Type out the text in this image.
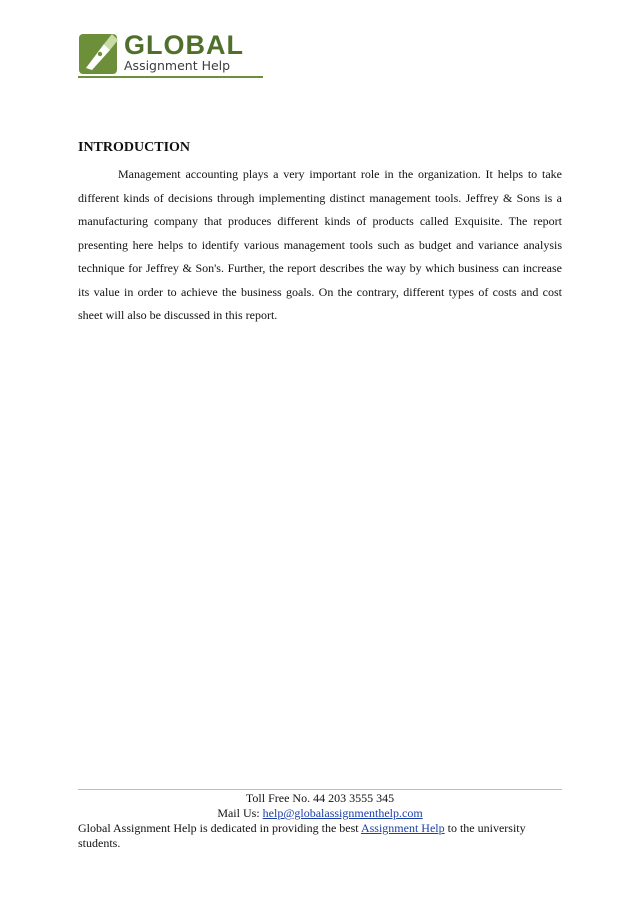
GLOBAL
Assignment Help
INTRODUCTION

Management accounting plays a very important role in the organization. It helps to take different kinds of decisions through implementing distinct management tools. Jeffrey & Sons is a manufacturing company that produces different kinds of products called Exquisite. The report presenting here helps to identify various management tools such as budget and variance analysis technique for Jeffrey & Son's. Further, the report describes the way by which business can increase its value in order to achieve the business goals. On the contrary, different types of costs and cost sheet will also be discussed in this report.

Toll Free No. 44 203 3555 345
Mail Us: help@globalassignmenthelp.com
Global Assignment Help is dedicated in providing the best Assignment Help to the university students.
